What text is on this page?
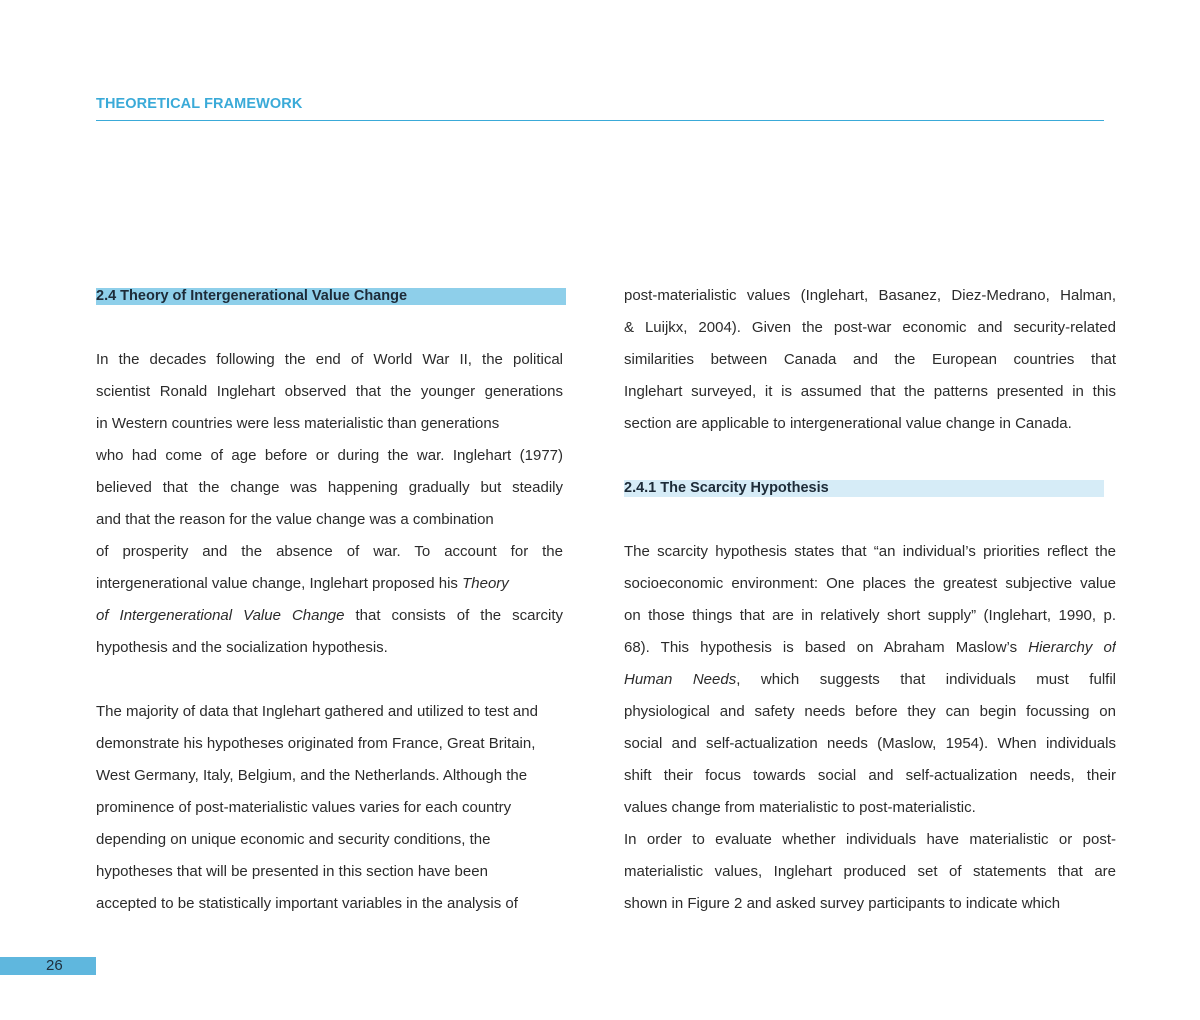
THEORETICAL FRAMEWORK
2.4 Theory of Intergenerational Value Change
In the decades following the end of World War II, the political
scientist Ronald Inglehart observed that the younger generations
in Western countries were less materialistic than generations
who had come of age before or during the war. Inglehart (1977)
believed that the change was happening gradually but steadily
and that the reason for the value change was a combination
of prosperity and the absence of war. To account for the
intergenerational value change, Inglehart proposed his Theory
of Intergenerational Value Change that consists of the scarcity
hypothesis and the socialization hypothesis.
The majority of data that Inglehart gathered and utilized to test and
demonstrate his hypotheses originated from France, Great Britain,
West Germany, Italy, Belgium, and the Netherlands. Although the
prominence of post-materialistic values varies for each country
depending on unique economic and security conditions, the
hypotheses that will be presented in this section have been
accepted to be statistically important variables in the analysis of
post-materialistic values (Inglehart, Basanez, Diez-Medrano, Halman,
& Luijkx, 2004). Given the post-war economic and security-related
similarities between Canada and the European countries that
Inglehart surveyed, it is assumed that the patterns presented in this
section are applicable to intergenerational value change in Canada.
2.4.1 The Scarcity Hypothesis
The scarcity hypothesis states that “an individual’s priorities reflect the
socioeconomic environment: One places the greatest subjective value
on those things that are in relatively short supply” (Inglehart, 1990, p.
68). This hypothesis is based on Abraham Maslow’s Hierarchy of
Human Needs, which suggests that individuals must fulfil
physiological and safety needs before they can begin focussing on
social and self-actualization needs (Maslow, 1954). When individuals
shift their focus towards social and self-actualization needs, their
values change from materialistic to post-materialistic.
In order to evaluate whether individuals have materialistic or post-
materialistic values, Inglehart produced set of statements that are
shown in Figure 2 and asked survey participants to indicate which
26
